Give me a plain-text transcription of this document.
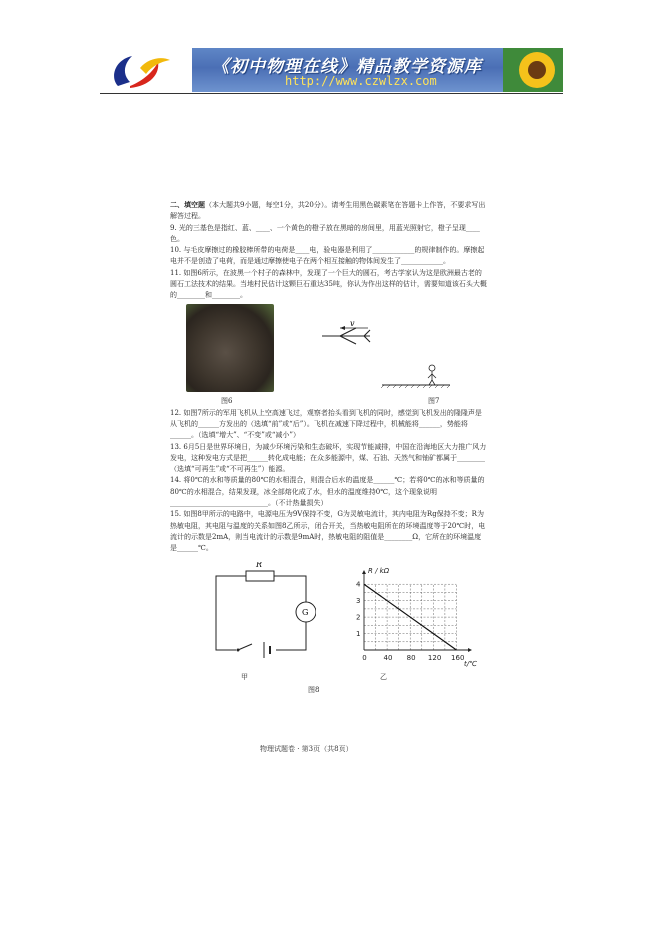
《初中物理在线》精品教学资源库
http://www.czwlzx.com
二、填空题（本大题共9小题，每空1分，共20分）。请考生用黑色碳素笔在答题卡上作答，不要求写出解答过程。
9. 光的三基色是指红、蓝、____、一个黄色的橙子放在黑暗的房间里，用蓝光照射它，橙子呈现____色。
10. 与毛皮摩擦过的橡胶棒所带的电荷是____电，验电器是利用了____________的规律制作的。摩擦起电并不是创造了电荷，而是通过摩擦使电子在两个相互接触的物体间发生了____________。
11. 如图6所示，在波黑一个村子的森林中，发现了一个巨大的圆石，考古学家认为这是欧洲最古老的圆石工法技术的结果。当地村民估计这颗巨石重达35吨，你认为作出这样的估计，需要知道该石头大概的________和________。
图6
v
图7
12. 如图7所示的军用飞机从上空高速飞过，观察者抬头看到飞机的同时，感觉到飞机发出的隆隆声是从飞机的______方发出的（选填“前”或“后”）。飞机在减速下降过程中，机械能将______，势能将______。（选填“增大”、“不变”或“减小”）
13. 6月5日是世界环境日，为减少环境污染和生态破坏，实现节能减排，中国在沿海地区大力推广风力发电，这种发电方式是把______转化成电能；在众多能源中，煤、石油、天然气和铀矿都属于________（选填“可再生”或“不可再生”）能源。
14. 将0℃的水和等质量的80℃的水相混合，则混合后水的温度是______℃；若将0℃的冰和等质量的80℃的水相混合，结果发现，冰全部熔化成了水，但水的温度维持0℃，这个现象说明____________________________。（不计热量损失）
15. 如图8甲所示的电路中，电源电压为9V保持不变，G为灵敏电流计，其内电阻为Rg保持不变；R为热敏电阻，其电阻与温度的关系如图8乙所示，闭合开关，当热敏电阻所在的环境温度等于20℃时，电流计的示数是2mA，则当电流计的示数是9mA时，热敏电阻的阻值是________Ω，它所在的环境温度是______℃。
R
G
0 40 80 120 160
1
2
3
4
R / kΩ
t/℃
甲	乙
图8
物理试题卷 · 第3页（共8页）
